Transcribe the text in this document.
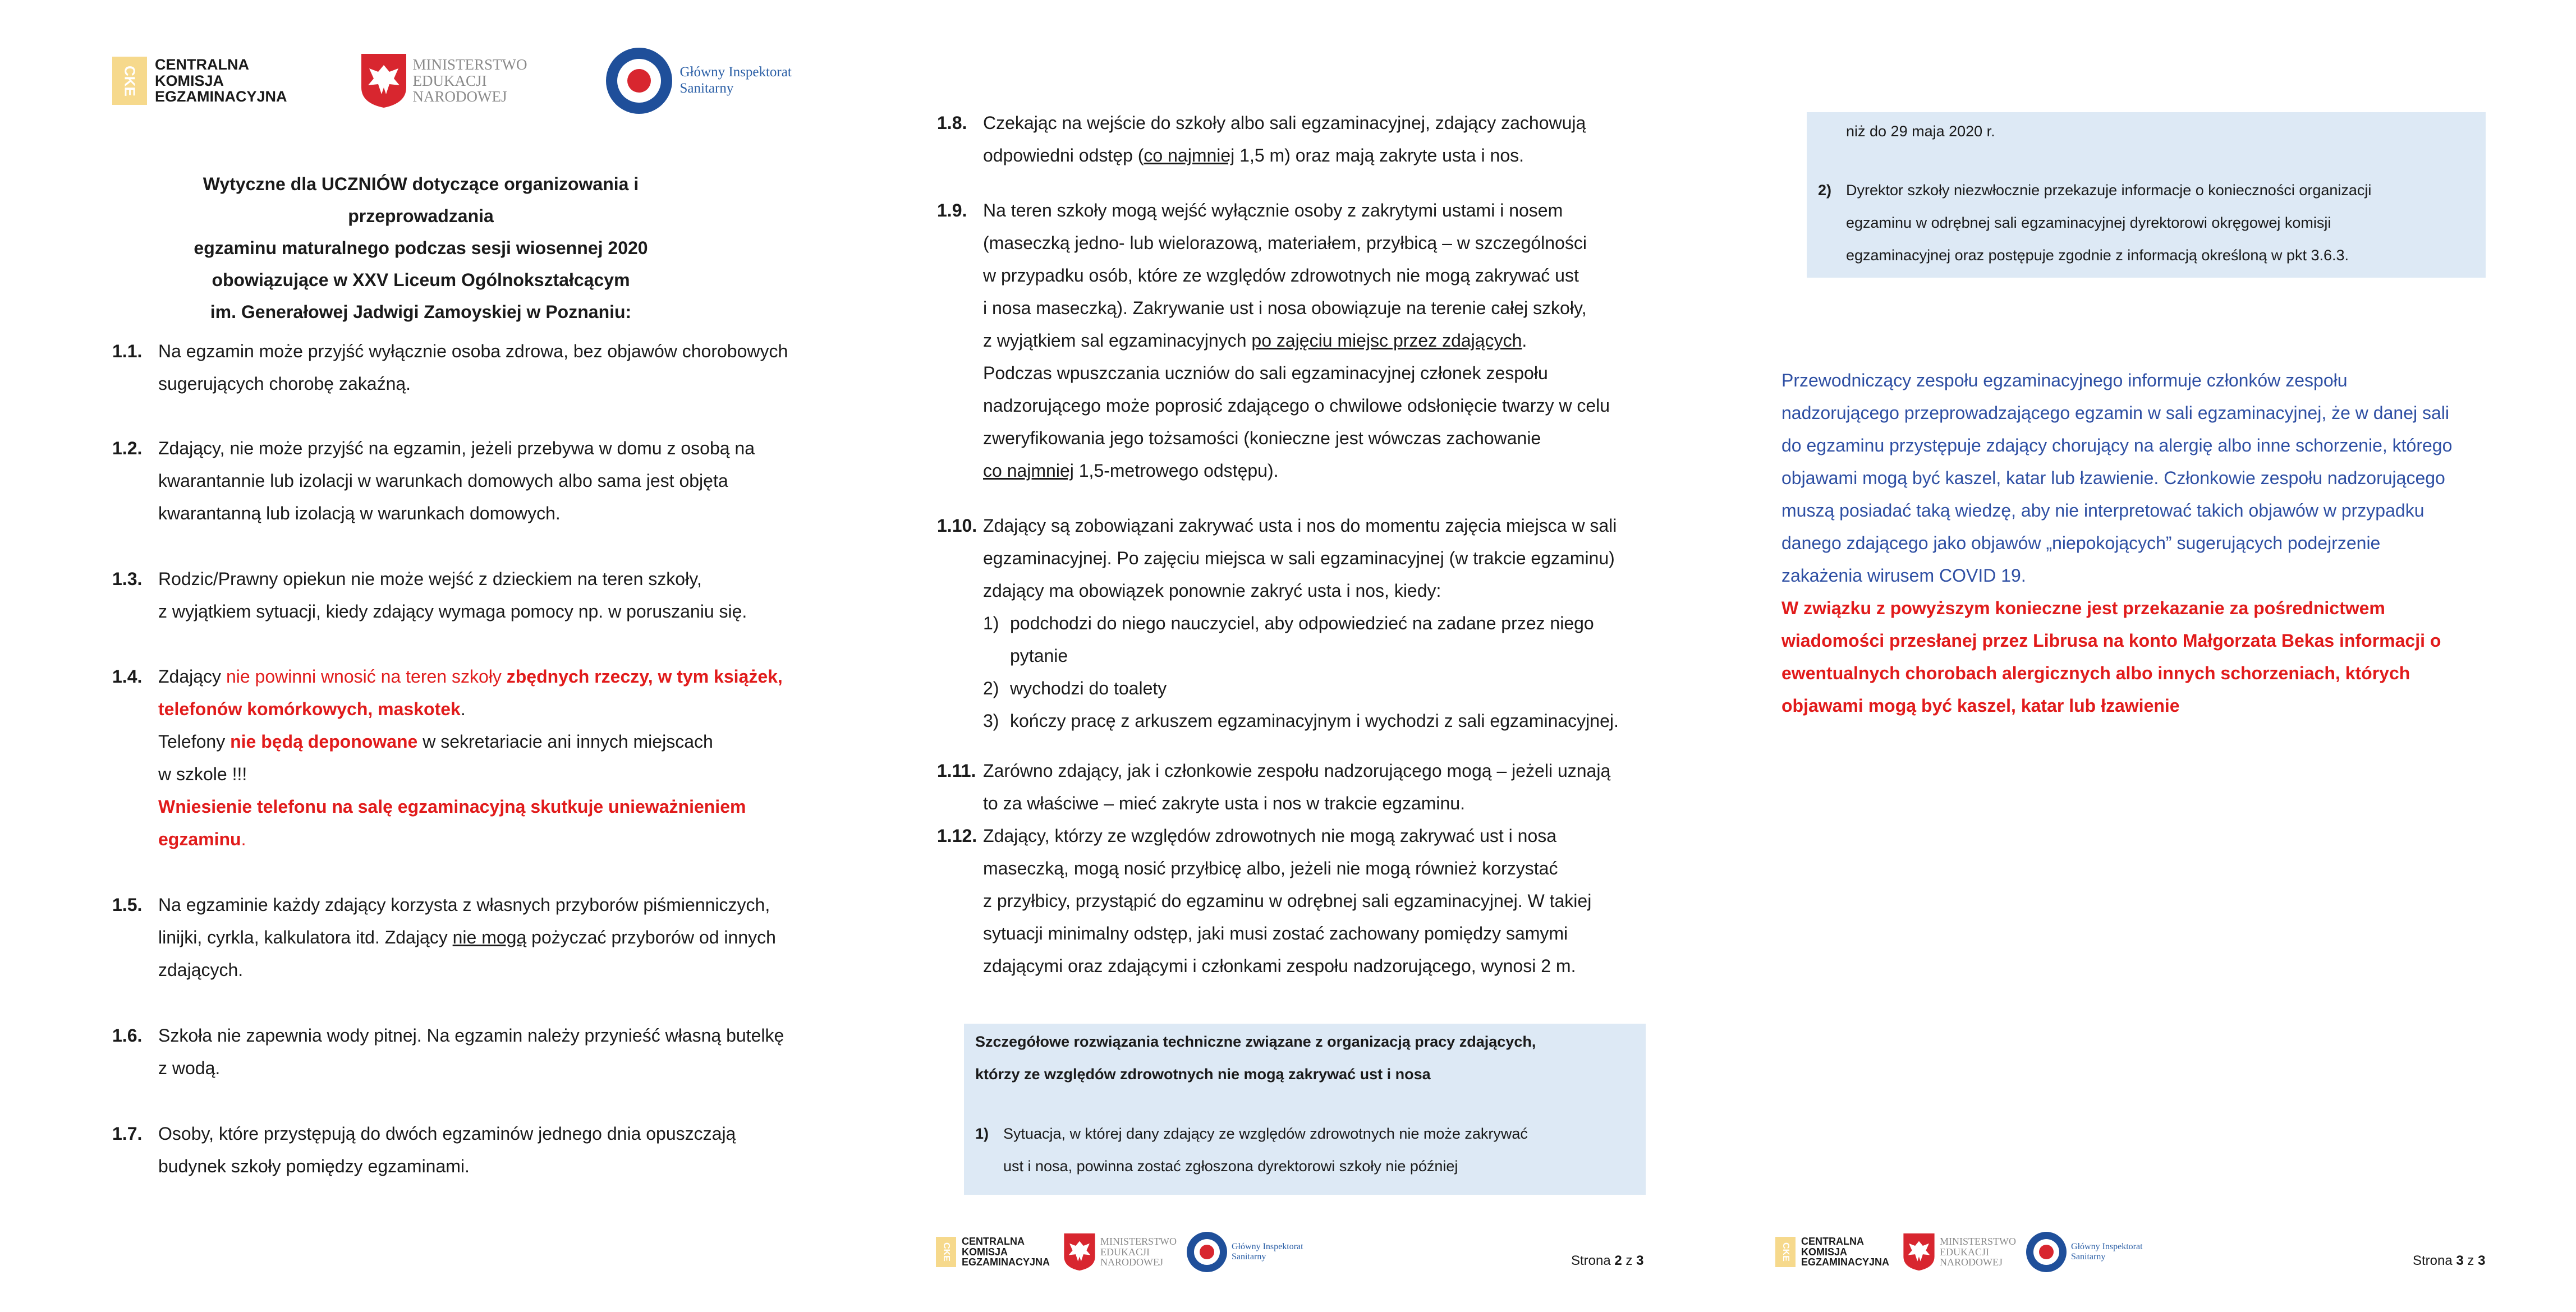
CKE
CENTRALNA
KOMISJA
EGZAMINACYJNA
MINISTERSTWO
EDUKACJI
NARODOWEJ
Główny Inspektorat
Sanitarny
Wytyczne dla UCZNIÓW dotyczące organizowania i przeprowadzania
egzaminu maturalnego podczas sesji wiosennej 2020
obowiązujące w XXV Liceum Ogólnokształcącym
im. Generałowej Jadwigi Zamoyskiej w Poznaniu:
1.1. Na egzamin może przyjść wyłącznie osoba zdrowa, bez objawów chorobowych
sugerujących chorobę zakaźną.
1.2. Zdający, nie może przyjść na egzamin, jeżeli przebywa w domu z osobą na
kwarantannie lub izolacji w warunkach domowych albo sama jest objęta
kwarantanną lub izolacją w warunkach domowych.
1.3. Rodzic/Prawny opiekun nie może wejść z dzieckiem na teren szkoły,
z wyjątkiem sytuacji, kiedy zdający wymaga pomocy np. w poruszaniu się.
1.4. Zdający nie powinni wnosić na teren szkoły zbędnych rzeczy, w tym książek,
telefonów komórkowych, maskotek.
Telefony nie będą deponowane w sekretariacie ani innych miejscach
w szkole !!!
Wniesienie telefonu na salę egzaminacyjną skutkuje unieważnieniem
egzaminu.
1.5. Na egzaminie każdy zdający korzysta z własnych przyborów piśmienniczych,
linijki, cyrkla, kalkulatora itd. Zdający nie mogą pożyczać przyborów od innych
zdających.
1.6. Szkoła nie zapewnia wody pitnej. Na egzamin należy przynieść własną butelkę
z wodą.
1.7. Osoby, które przystępują do dwóch egzaminów jednego dnia opuszczają
budynek szkoły pomiędzy egzaminami.
1.8. Czekając na wejście do szkoły albo sali egzaminacyjnej, zdający zachowują
odpowiedni odstęp (co najmniej 1,5 m) oraz mają zakryte usta i nos.
1.9. Na teren szkoły mogą wejść wyłącznie osoby z zakrytymi ustami i nosem
(maseczką jedno- lub wielorazową, materiałem, przyłbicą – w szczególności
w przypadku osób, które ze względów zdrowotnych nie mogą zakrywać ust
i nosa maseczką). Zakrywanie ust i nosa obowiązuje na terenie całej szkoły,
z wyjątkiem sal egzaminacyjnych po zajęciu miejsc przez zdających.
Podczas wpuszczania uczniów do sali egzaminacyjnej członek zespołu
nadzorującego może poprosić zdającego o chwilowe odsłonięcie twarzy w celu
zweryfikowania jego tożsamości (konieczne jest wówczas zachowanie
co najmniej 1,5-metrowego odstępu).
1.10. Zdający są zobowiązani zakrywać usta i nos do momentu zajęcia miejsca w sali
egzaminacyjnej. Po zajęciu miejsca w sali egzaminacyjnej (w trakcie egzaminu)
zdający ma obowiązek ponownie zakryć usta i nos, kiedy:
1) podchodzi do niego nauczyciel, aby odpowiedzieć na zadane przez niego
pytanie
2) wychodzi do toalety
3) kończy pracę z arkuszem egzaminacyjnym i wychodzi z sali egzaminacyjnej.
1.11. Zarówno zdający, jak i członkowie zespołu nadzorującego mogą – jeżeli uznają
to za właściwe – mieć zakryte usta i nos w trakcie egzaminu.
1.12. Zdający, którzy ze względów zdrowotnych nie mogą zakrywać ust i nosa
maseczką, mogą nosić przyłbicę albo, jeżeli nie mogą również korzystać
z przyłbicy, przystąpić do egzaminu w odrębnej sali egzaminacyjnej. W takiej
sytuacji minimalny odstęp, jaki musi zostać zachowany pomiędzy samymi
zdającymi oraz zdającymi i członkami zespołu nadzorującego, wynosi 2 m.
Szczegółowe rozwiązania techniczne związane z organizacją pracy zdających,
którzy ze względów zdrowotnych nie mogą zakrywać ust i nosa
1) Sytuacja, w której dany zdający ze względów zdrowotnych nie może zakrywać
ust i nosa, powinna zostać zgłoszona dyrektorowi szkoły nie później
CKE
CENTRALNA
KOMISJA
EGZAMINACYJNA
MINISTERSTWO
EDUKACJI
NARODOWEJ
Główny Inspektorat
Sanitarny	Strona 2 z 3
niż do 29 maja 2020 r.
2) Dyrektor szkoły niezwłocznie przekazuje informacje o konieczności organizacji
egzaminu w odrębnej sali egzaminacyjnej dyrektorowi okręgowej komisji
egzaminacyjnej oraz postępuje zgodnie z informacją określoną w pkt 3.6.3.
Przewodniczący zespołu egzaminacyjnego informuje członków zespołu
nadzorującego przeprowadzającego egzamin w sali egzaminacyjnej, że w danej sali
do egzaminu przystępuje zdający chorujący na alergię albo inne schorzenie, którego
objawami mogą być kaszel, katar lub łzawienie. Członkowie zespołu nadzorującego
muszą posiadać taką wiedzę, aby nie interpretować takich objawów w przypadku
danego zdającego jako objawów „niepokojących” sugerujących podejrzenie
zakażenia wirusem COVID 19.
W związku z powyższym konieczne jest przekazanie za pośrednictwem
wiadomości przesłanej przez Librusa na konto Małgorzata Bekas informacji o
ewentualnych chorobach alergicznych albo innych schorzeniach, których
objawami mogą być kaszel, katar lub łzawienie
CKE
CENTRALNA
KOMISJA
EGZAMINACYJNA
MINISTERSTWO
EDUKACJI
NARODOWEJ
Główny Inspektorat
Sanitarny	Strona 3 z 3
